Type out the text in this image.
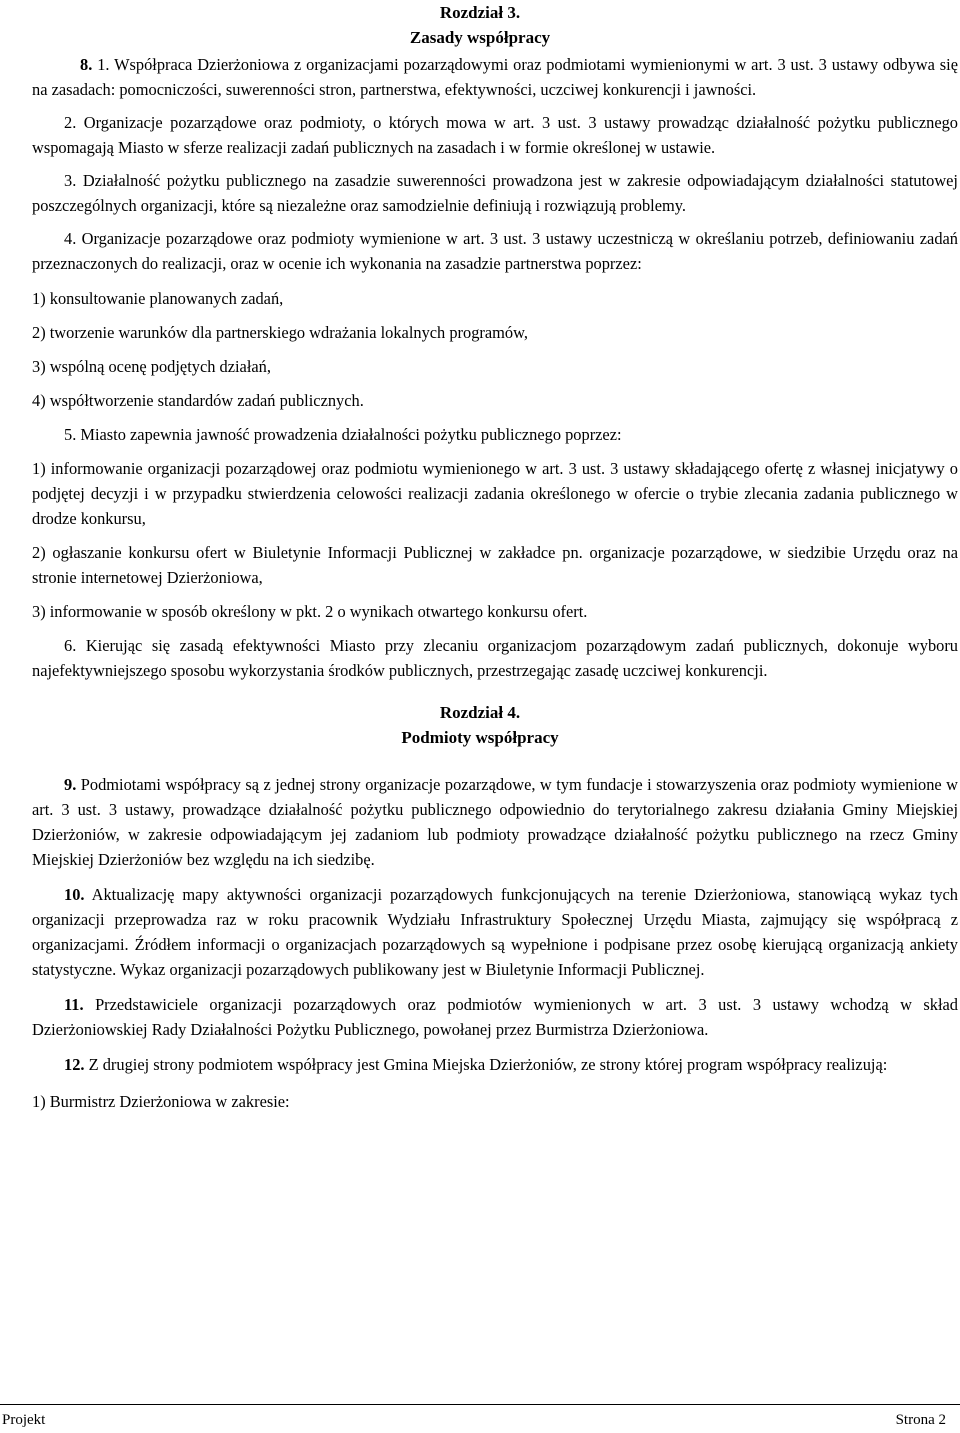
Rozdział 3.
Zasady współpracy

8. 1. Współpraca Dzierżoniowa z organizacjami pozarządowymi oraz podmiotami wymienionymi w art. 3 ust. 3 ustawy odbywa się na zasadach: pomocniczości, suwerenności stron, partnerstwa, efektywności, uczciwej konkurencji i jawności.

2. Organizacje pozarządowe oraz podmioty, o których mowa w art. 3 ust. 3 ustawy prowadząc działalność pożytku publicznego wspomagają Miasto w sferze realizacji zadań publicznych na zasadach i w formie określonej w ustawie.

3. Działalność pożytku publicznego na zasadzie suwerenności prowadzona jest w zakresie odpowiadającym działalności statutowej poszczególnych organizacji, które są niezależne oraz samodzielnie definiują i rozwiązują problemy.

4. Organizacje pozarządowe oraz podmioty wymienione w art. 3 ust. 3 ustawy uczestniczą w określaniu potrzeb, definiowaniu zadań przeznaczonych do realizacji, oraz w ocenie ich wykonania na zasadzie partnerstwa poprzez:

1) konsultowanie planowanych zadań,

2) tworzenie warunków dla partnerskiego wdrażania lokalnych programów,

3) wspólną ocenę podjętych działań,

4) współtworzenie standardów zadań publicznych.

5. Miasto zapewnia jawność prowadzenia działalności pożytku publicznego poprzez:

1) informowanie organizacji pozarządowej oraz podmiotu wymienionego w art. 3 ust. 3 ustawy składającego ofertę z własnej inicjatywy o podjętej decyzji i w przypadku stwierdzenia celowości realizacji zadania określonego w ofercie o trybie zlecania zadania publicznego w drodze konkursu,

2) ogłaszanie konkursu ofert w Biuletynie Informacji Publicznej w zakładce pn. organizacje pozarządowe, w siedzibie Urzędu oraz na stronie internetowej Dzierżoniowa,

3) informowanie w sposób określony w pkt. 2 o wynikach otwartego konkursu ofert.

6. Kierując się zasadą efektywności Miasto przy zlecaniu organizacjom pozarządowym zadań publicznych, dokonuje wyboru najefektywniejszego sposobu wykorzystania środków publicznych, przestrzegając zasadę uczciwej konkurencji.

Rozdział 4.
Podmioty współpracy

9. Podmiotami współpracy są z jednej strony organizacje pozarządowe, w tym fundacje i stowarzyszenia oraz podmioty wymienione w art. 3 ust. 3 ustawy, prowadzące działalność pożytku publicznego odpowiednio do terytorialnego zakresu działania Gminy Miejskiej Dzierżoniów, w zakresie odpowiadającym jej zadaniom lub podmioty prowadzące działalność pożytku publicznego na rzecz Gminy Miejskiej Dzierżoniów bez względu na ich siedzibę.

10. Aktualizację mapy aktywności organizacji pozarządowych funkcjonujących na terenie Dzierżoniowa, stanowiącą wykaz tych organizacji przeprowadza raz w roku pracownik Wydziału Infrastruktury Społecznej Urzędu Miasta, zajmujący się współpracą z organizacjami. Źródłem informacji o organizacjach pozarządowych są wypełnione i podpisane przez osobę kierującą organizacją ankiety statystyczne. Wykaz organizacji pozarządowych publikowany jest w Biuletynie Informacji Publicznej.

11. Przedstawiciele organizacji pozarządowych oraz podmiotów wymienionych w art. 3 ust. 3 ustawy wchodzą w skład Dzierżoniowskiej Rady Działalności Pożytku Publicznego, powołanej przez Burmistrza Dzierżoniowa.

12. Z drugiej strony podmiotem współpracy jest Gmina Miejska Dzierżoniów, ze strony której program współpracy realizują:

1) Burmistrz Dzierżoniowa w zakresie:

Projekt	Strona 2
